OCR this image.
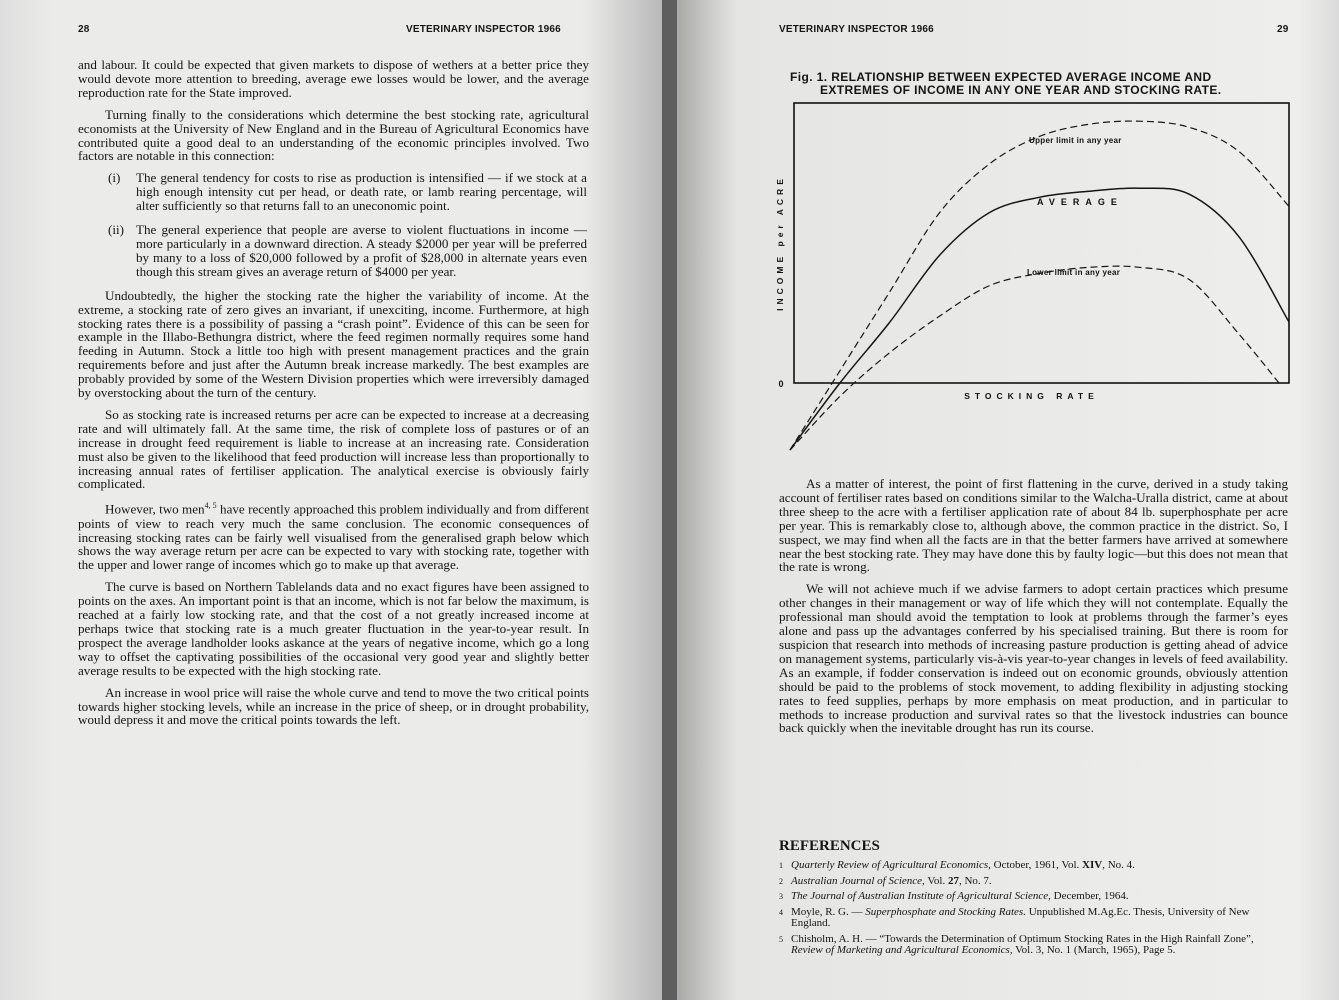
28	VETERINARY INSPECTOR 1966

and labour. It could be expected that given markets to dispose of wethers at a better price they would devote more attention to breeding, average ewe losses would be lower, and the average reproduction rate for the State improved.

Turning finally to the considerations which determine the best stocking rate, agricultural economists at the University of New England and in the Bureau of Agricultural Economics have contributed quite a good deal to an understanding of the economic principles involved. Two factors are notable in this connection:

(i)	The general tendency for costs to rise as production is intensified — if we stock at a high enough intensity cut per head, or death rate, or lamb rearing percentage, will alter sufficiently so that returns fall to an uneconomic point.
(ii) The general experience that people are averse to violent fluctuations in income — more particularly in a downward direction. A steady $2000 per year will be preferred by many to a loss of $20,000 followed by a profit of $28,000 in alternate years even though this stream gives an average return of $4000 per year.

Undoubtedly, the higher the stocking rate the higher the variability of income. At the extreme, a stocking rate of zero gives an invariant, if unexciting, income. Furthermore, at high stocking rates there is a possibility of passing a “crash point”. Evidence of this can be seen for example in the Illabo-Bethungra district, where the feed regimen normally requires some hand feeding in Autumn. Stock a little too high with present management practices and the grain requirements before and just after the Autumn break increase markedly. The best examples are probably provided by some of the Western Division properties which were irreversibly damaged by overstocking about the turn of the century.

So as stocking rate is increased returns per acre can be expected to increase at a decreasing rate and will ultimately fall. At the same time, the risk of complete loss of pastures or of an increase in drought feed requirement is liable to increase at an increasing rate. Consideration must also be given to the likelihood that feed production will increase less than proportionally to increasing annual rates of fertiliser application. The analytical exercise is obviously fairly complicated.

However, two men$^{4, 5}$ have recently approached this problem individually and from different points of view to reach very much the same conclusion. The economic consequences of increasing stocking rates can be fairly well visualised from the generalised graph below which shows the way average return per acre can be expected to vary with stocking rate, together with the upper and lower range of incomes which go to make up that average.

The curve is based on Northern Tablelands data and no exact figures have been assigned to points on the axes. An important point is that an income, which is not far below the maximum, is reached at a fairly low stocking rate, and that the cost of a not greatly increased income at perhaps twice that stocking rate is a much greater fluctuation in the year-to-year result. In prospect the average landholder looks askance at the years of negative income, which go a long way to offset the captivating possibilities of the occasional very good year and slightly better average results to be expected with the high stocking rate.

An increase in wool price will raise the whole curve and tend to move the two critical points towards higher stocking levels, while an increase in the price of sheep, or in drought probability, would depress it and move the critical points towards the left.

VETERINARY INSPECTOR 1966	29
Fig. 1. RELATIONSHIP BETWEEN EXPECTED AVERAGE INCOME AND
EXTREMES OF INCOME IN ANY ONE YEAR AND STOCKING RATE.
INCOME per ACRE
0
STOCKING RATE
Upper limit in any year
AVERAGE
Lower limit in any year

As a matter of interest, the point of first flattening in the curve, derived in a study taking account of fertiliser rates based on conditions similar to the Walcha-Uralla district, came at about three sheep to the acre with a fertiliser application rate of about 84 lb. superphosphate per acre per year. This is remarkably close to, although above, the common practice in the district. So, I suspect, we may find when all the facts are in that the better farmers have arrived at somewhere near the best stocking rate. They may have done this by faulty logic—but this does not mean that the rate is wrong.

We will not achieve much if we advise farmers to adopt certain practices which presume other changes in their management or way of life which they will not contemplate. Equally the professional man should avoid the temptation to look at problems through the farmer’s eyes alone and pass up the advantages conferred by his specialised training. But there is room for suspicion that research into methods of increasing pasture production is getting ahead of advice on management systems, particularly vis-à-vis year-to-year changes in levels of feed availability. As an example, if fodder conservation is indeed out on economic grounds, obviously attention should be paid to the problems of stock movement, to adding flexibility in adjusting stocking rates to feed supplies, perhaps by more emphasis on meat production, and in particular to methods to increase production and survival rates so that the livestock industries can bounce back quickly when the inevitable drought has run its course.

REFERENCES
1 Quarterly Review of Agricultural Economics, October, 1961, Vol. XIV, No. 4.
2 Australian Journal of Science, Vol. 27, No. 7.
3 The Journal of Australian Institute of Agricultural Science, December, 1964.
4 Moyle, R. G. — Superphosphate and Stocking Rates. Unpublished M.Ag.Ec. Thesis, University of New England.
5 Chisholm, A. H. — “Towards the Determination of Optimum Stocking Rates in the High Rainfall Zone”, Review of Marketing and Agricultural Economics, Vol. 3, No. 1 (March, 1965), Page 5.
